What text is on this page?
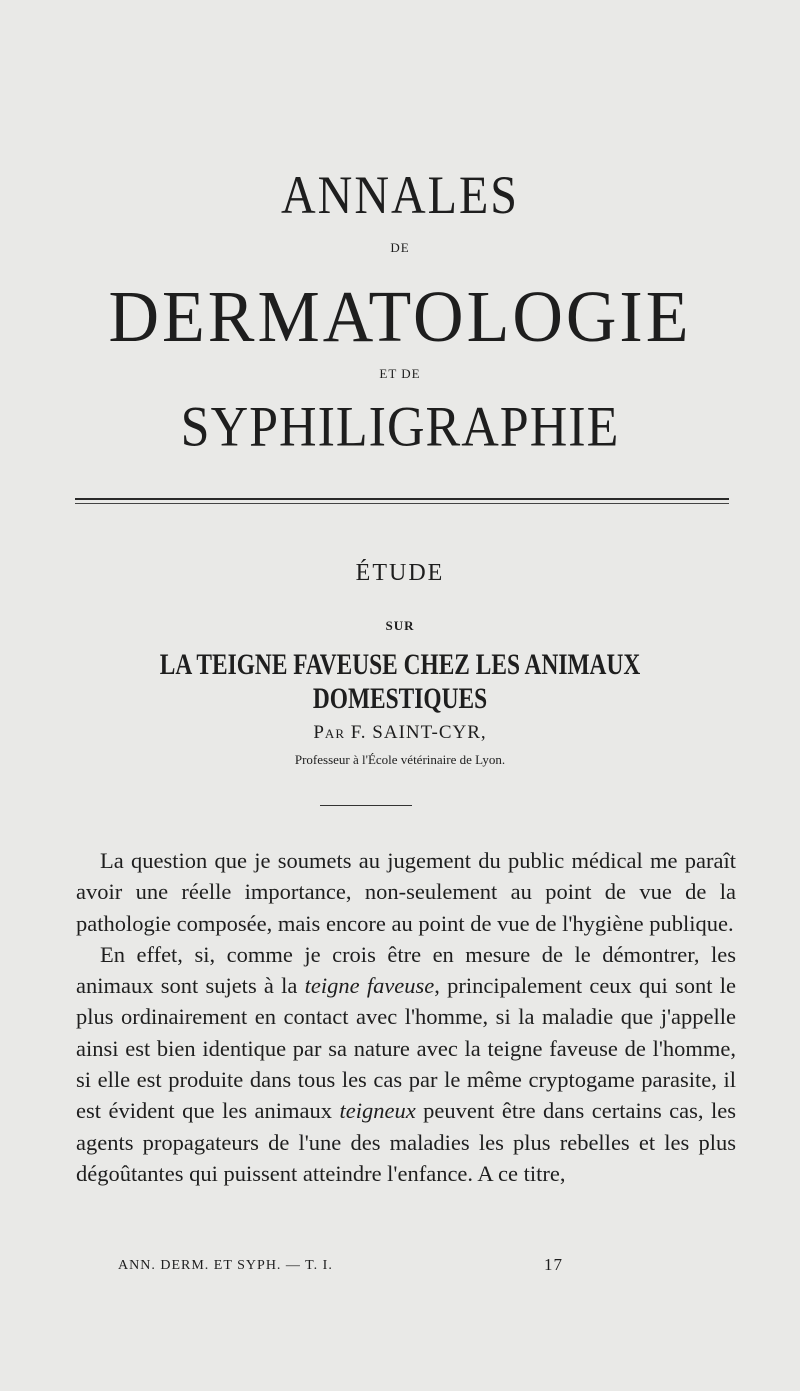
ANNALES
DE
DERMATOLOGIE
ET DE
SYPHILIGRAPHIE
ÉTUDE
SUR
LA TEIGNE FAVEUSE CHEZ LES ANIMAUX DOMESTIQUES
Par F. SAINT-CYR,
Professeur à l'École vétérinaire de Lyon.

La question que je soumets au jugement du public médical me paraît avoir une réelle importance, non-seulement au point de vue de la pathologie composée, mais encore au point de vue de l'hygiène publique.

En effet, si, comme je crois être en mesure de le démontrer, les animaux sont sujets à la teigne faveuse, principalement ceux qui sont le plus ordinairement en contact avec l'homme, si la maladie que j'appelle ainsi est bien identique par sa nature avec la teigne faveuse de l'homme, si elle est produite dans tous les cas par le même cryptogame parasite, il est évident que les animaux teigneux peuvent être dans certains cas, les agents propagateurs de l'une des maladies les plus rebelles et les plus dégoûtantes qui puissent atteindre l'enfance. A ce titre,

ANN. DERM. ET SYPH. — T. I.	17
